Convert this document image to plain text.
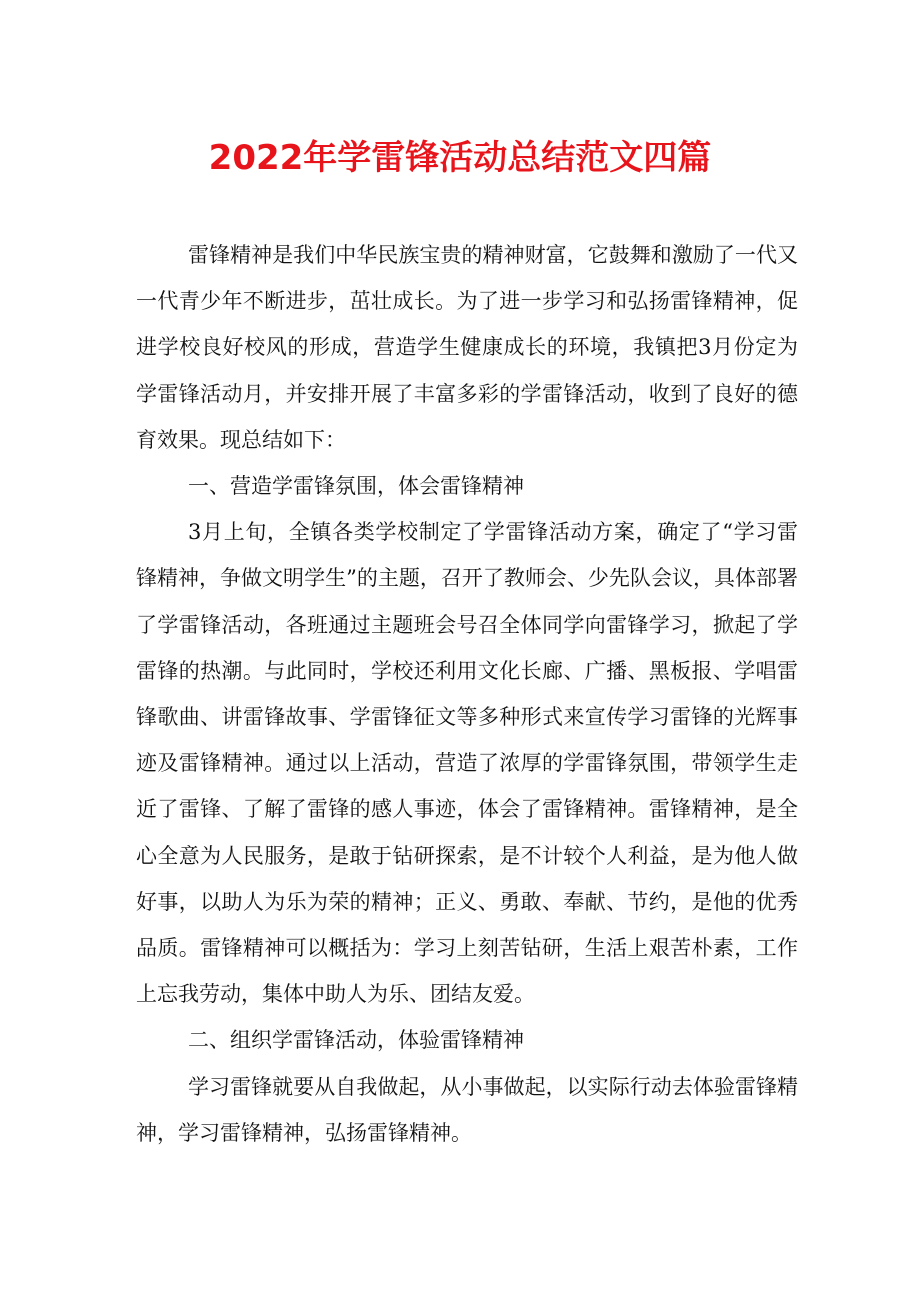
2022年学雷锋活动总结范文四篇

雷锋精神是我们中华民族宝贵的精神财富，它鼓舞和激励了一代又一代青少年不断进步，茁壮成长。为了进一步学习和弘扬雷锋精神，促进学校良好校风的形成，营造学生健康成长的环境，我镇把3月份定为学雷锋活动月，并安排开展了丰富多彩的学雷锋活动，收到了良好的德育效果。现总结如下：

一、营造学雷锋氛围，体会雷锋精神

3月上旬，全镇各类学校制定了学雷锋活动方案，确定了“学习雷锋精神，争做文明学生”的主题，召开了教师会、少先队会议，具体部署了学雷锋活动，各班通过主题班会号召全体同学向雷锋学习，掀起了学雷锋的热潮。与此同时，学校还利用文化长廊、广播、黑板报、学唱雷锋歌曲、讲雷锋故事、学雷锋征文等多种形式来宣传学习雷锋的光辉事迹及雷锋精神。通过以上活动，营造了浓厚的学雷锋氛围，带领学生走近了雷锋、了解了雷锋的感人事迹，体会了雷锋精神。雷锋精神，是全心全意为人民服务，是敢于钻研探索，是不计较个人利益，是为他人做好事，以助人为乐为荣的精神；正义、勇敢、奉献、节约，是他的优秀品质。雷锋精神可以概括为：学习上刻苦钻研，生活上艰苦朴素，工作上忘我劳动，集体中助人为乐、团结友爱。

二、组织学雷锋活动，体验雷锋精神

学习雷锋就要从自我做起，从小事做起，以实际行动去体验雷锋精神，学习雷锋精神，弘扬雷锋精神。
